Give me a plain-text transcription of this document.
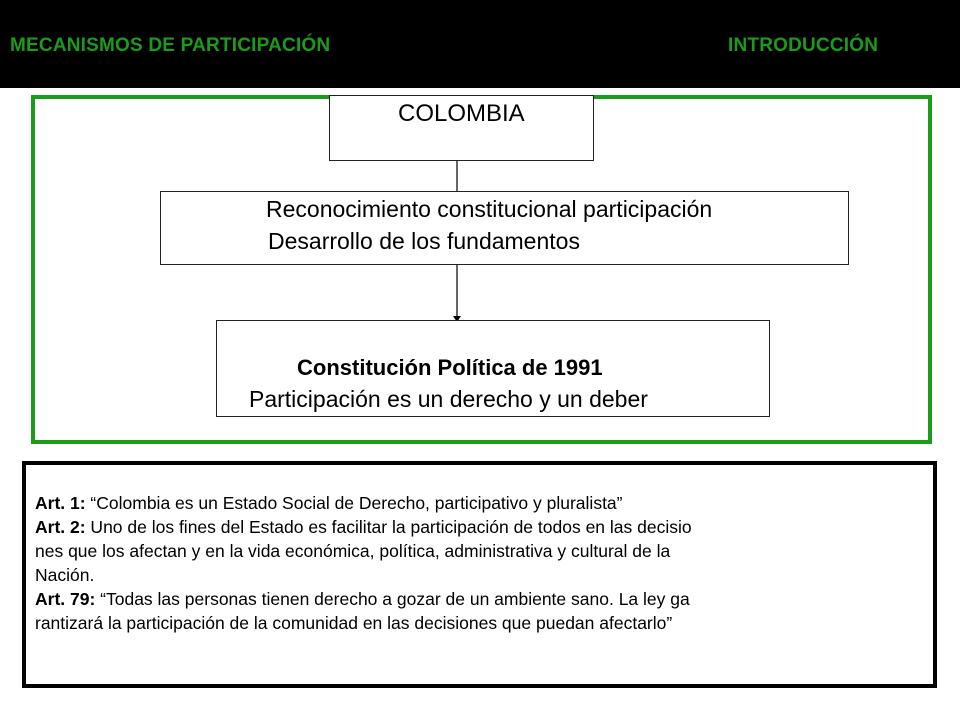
MECANISMOS DE PARTICIPACIÓN	INTRODUCCIÓN
COLOMBIA
Reconocimiento constitucional participación
Desarrollo de los fundamentos
Constitución Política de 1991
Participación es un derecho y un deber
Art. 1: “Colombia es un Estado Social de Derecho, participativo y pluralista”
Art. 2: Uno de los fines del Estado es facilitar la participación de todos en las decisio
nes que los afectan y en la vida económica, política, administrativa y cultural de la
Nación.
Art. 79: “Todas las personas tienen derecho a gozar de un ambiente sano. La ley ga
rantizará la participación de la comunidad en las decisiones que puedan afectarlo”
